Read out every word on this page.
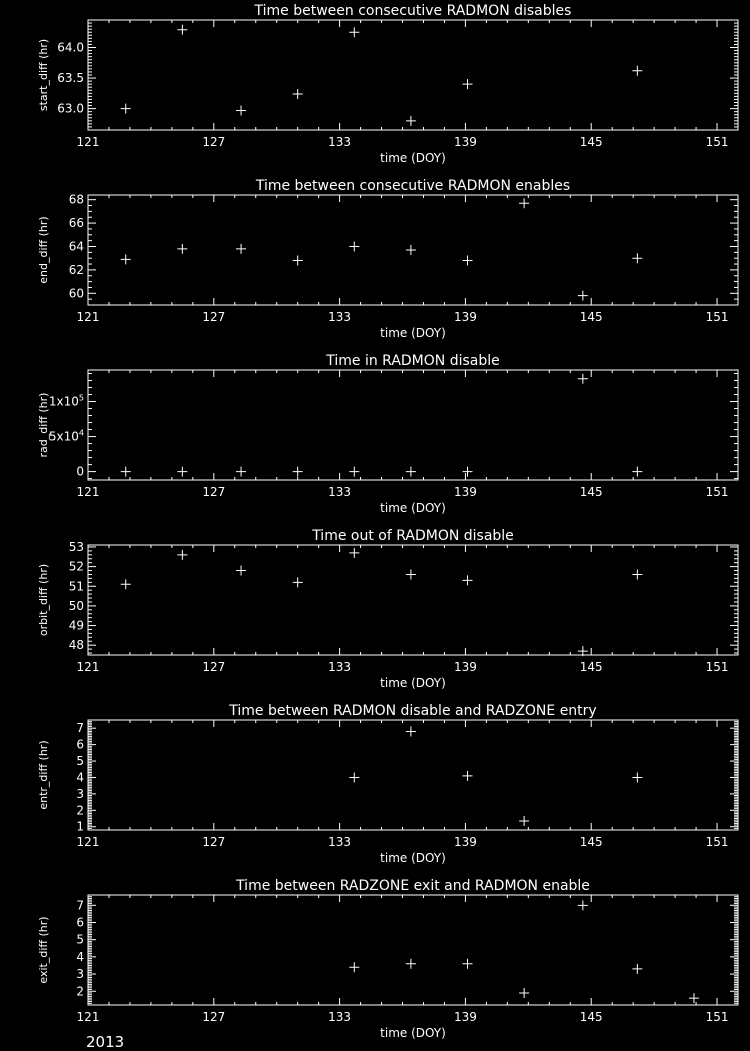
Time between consecutive RADMON disables
121	127	133	139	145	151
time (DOY)
63.0
63.5
64.0
start_diff (hr)
Time between consecutive RADMON enables
121	127	133	139	145	151
time (DOY)
60
62
64
66
68
end_diff (hr)
Time in RADMON disable
121	127	133	139	145	151
time (DOY)
0
$5x10^4$
$1x10^5$
rad_diff (hr)
Time out of RADMON disable
121	127	133	139	145	151
time (DOY)
48
49
50
51
52
53
orbit_diff (hr)
Time between RADMON disable and RADZONE entry
121	127	133	139	145	151
time (DOY)
1
2
3
4
5
6
7
entr_diff (hr)
Time between RADZONE exit and RADMON enable
121	127	133	139	145	151
time (DOY)
2
3
4
5
6
7
exit_diff (hr)
2013
